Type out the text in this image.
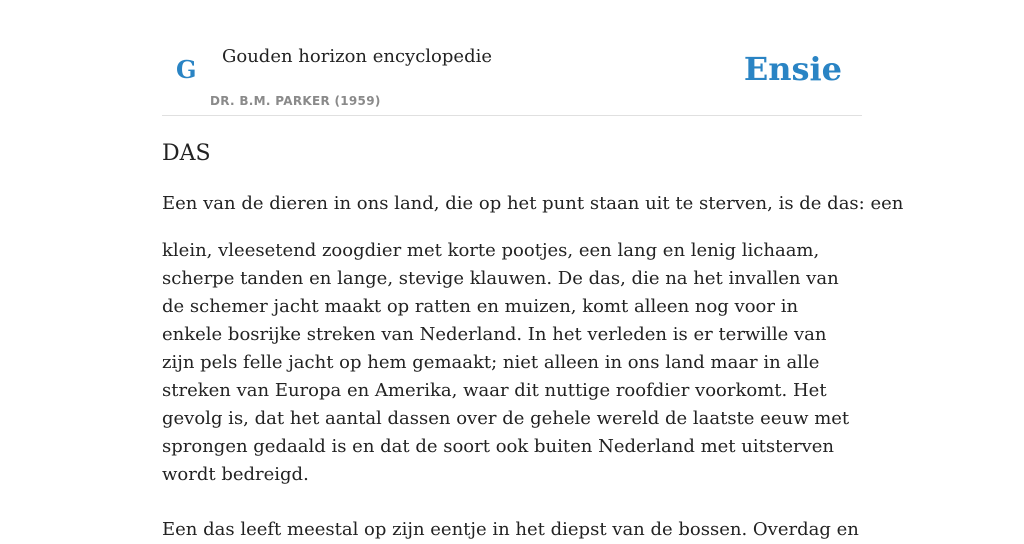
G Gouden horizon encyclopedie
DR. B.M. PARKER (1959)
Ensie
DAS

Een van de dieren in ons land, die op het punt staan uit te sterven, is de das: een

klein, vleesetend zoogdier met korte pootjes, een lang en lenig lichaam, scherpe tanden en lange, stevige klauwen. De das, die na het invallen van de schemer jacht maakt op ratten en muizen, komt alleen nog voor in enkele bosrijke streken van Nederland. In het verleden is er terwille van zijn pels felle jacht op hem gemaakt; niet alleen in ons land maar in alle streken van Europa en Amerika, waar dit nuttige roofdier voorkomt. Het gevolg is, dat het aantal dassen over de gehele wereld de laatste eeuw met sprongen gedaald is en dat de soort ook buiten Nederland met uitsterven wordt bedreigd.

Een das leeft meestal op zijn eentje in het diepst van de bossen. Overdag en
